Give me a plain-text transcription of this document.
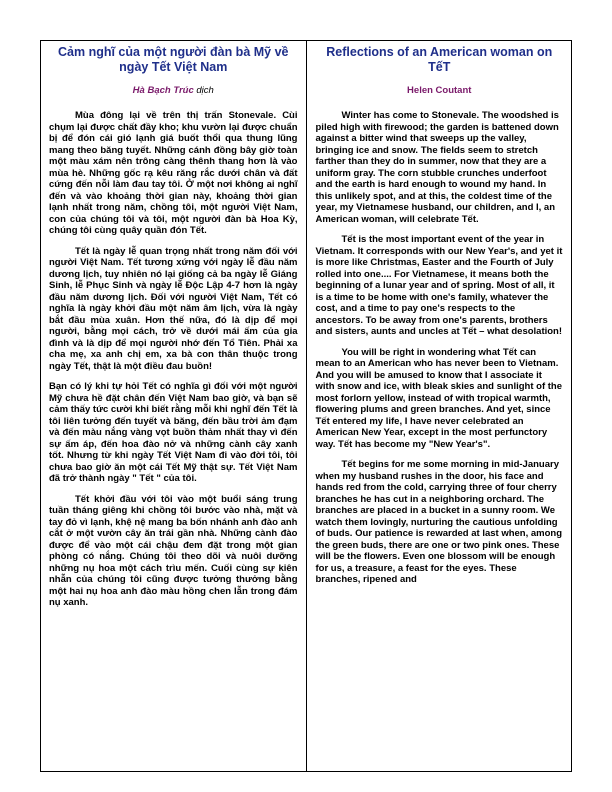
Cảm nghĩ của một người đàn bà Mỹ về ngày Tết Việt Nam
Hà Bạch Trúc dịch

Mùa đông lại về trên thị trấn Stonevale. Cùi chụm lại được chất đầy kho; khu vườn lại được chuẩn bị để đón cái gió lạnh giá buốt thổi qua thung lũng mang theo băng tuyết. Những cánh đồng bây giờ toàn một màu xám nên trông càng thênh thang hơn là vào mùa hè. Những gốc rạ kêu răng rắc dưới chân và đất cứng đến nỗi làm đau tay tôi. Ở một nơi không ai nghĩ đến và vào khoảng thời gian này, khoảng thời gian lạnh nhất trong năm, chồng tôi, một người Việt Nam, con của chúng tôi và tôi, một người đàn bà Hoa Kỳ, chúng tôi cùng quây quần đón Tết.

Tết là ngày lễ quan trọng nhất trong năm đối với người Việt Nam. Tết tương xứng với ngày lễ đầu năm dương lịch, tuy nhiên nó lại giống cả ba ngày lễ Giáng Sinh, lễ Phục Sinh và ngày lễ Độc Lập 4-7 hơn là ngày đầu năm dương lịch. Đối với người Việt Nam, Tết có nghĩa là ngày khởi đầu một năm âm lịch, vừa là ngày bắt đầu mùa xuân. Hơn thế nữa, đó là dịp để mọi người, bằng mọi cách, trở về dưới mái ấm của gia đình và là dịp để mọi người nhớ đến Tổ Tiên. Phải xa cha mẹ, xa anh chị em, xa bà con thân thuộc trong ngày Tết, thật là một điều đau buồn!

Bạn có lý khi tự hỏi Tết có nghĩa gì đối với một người Mỹ chưa hề đặt chân đến Việt Nam bao giờ, và bạn sẽ cảm thấy tức cười khi biết rằng mỗi khi nghĩ đến Tết là tôi liên tưởng đến tuyết và băng, đến bầu trời ảm đạm và đến màu nắng vàng vọt buồn thảm nhất thay vì đến sự ấm áp, đến hoa đào nở và những cành cây xanh tốt. Nhưng từ khi ngày Tết Việt Nam đi vào đời tôi, tôi chưa bao giờ ăn một cái Tết Mỹ thật sự. Tết Việt Nam đã trở thành ngày " Tết " của tôi.

Tết khởi đầu với tôi vào một buổi sáng trung tuần tháng giêng khi chồng tôi bước vào nhà, mặt và tay đỏ vì lạnh, khệ nệ mang ba bốn nhánh anh đào anh cắt ở một vườn cây ăn trái gần nhà. Những cành đào được để vào một cái chậu đem đặt trong một gian phòng có nắng. Chúng tôi theo dõi và nuôi dưỡng những nụ hoa một cách trìu mến. Cuối cùng sự kiên nhẫn của chúng tôi cũng được tưởng thưởng bằng một hai nụ hoa anh đào màu hồng chen lẫn trong đám nụ xanh.

Reflections of an American woman on TếT
Helen Coutant

Winter has come to Stonevale. The woodshed is piled high with firewood; the garden is battened down against a bitter wind that sweeps up the valley, bringing ice and snow. The fields seem to stretch farther than they do in summer, now that they are a uniform gray. The corn stubble crunches underfoot and the earth is hard enough to wound my hand. In this unlikely spot, and at this, the coldest time of the year, my Vietnamese husband, our children, and I, an American woman, will celebrate Tết.

Tết is the most important event of the year in Vietnam. It corresponds with our New Year's, and yet it is more like Christmas, Easter and the Fourth of July rolled into one.... For Vietnamese, it means both the beginning of a lunar year and of spring. Most of all, it is a time to be home with one's family, whatever the cost, and a time to pay one's respects to the ancestors. To be away from one's parents, brothers and sisters, aunts and uncles at Tết – what desolation!

You will be right in wondering what Tết can mean to an American who has never been to Vietnam. And you will be amused to know that I associate it with snow and ice, with bleak skies and sunlight of the most forlorn yellow, instead of with tropical warmth, flowering plums and green branches. And yet, since Tết entered my life, I have never celebrated an American New Year, except in the most perfunctory way. Tết has become my "New Year's".

Tết begins for me some morning in mid-January when my husband rushes in the door, his face and hands red from the cold, carrying three of four cherry branches he has cut in a neighboring orchard. The branches are placed in a bucket in a sunny room. We watch them lovingly, nurturing the cautious unfolding of buds. Our patience is rewarded at last when, among the green buds, there are one or two pink ones. These will be the flowers. Even one blossom will be enough for us, a treasure, a feast for the eyes. These branches, ripened and
